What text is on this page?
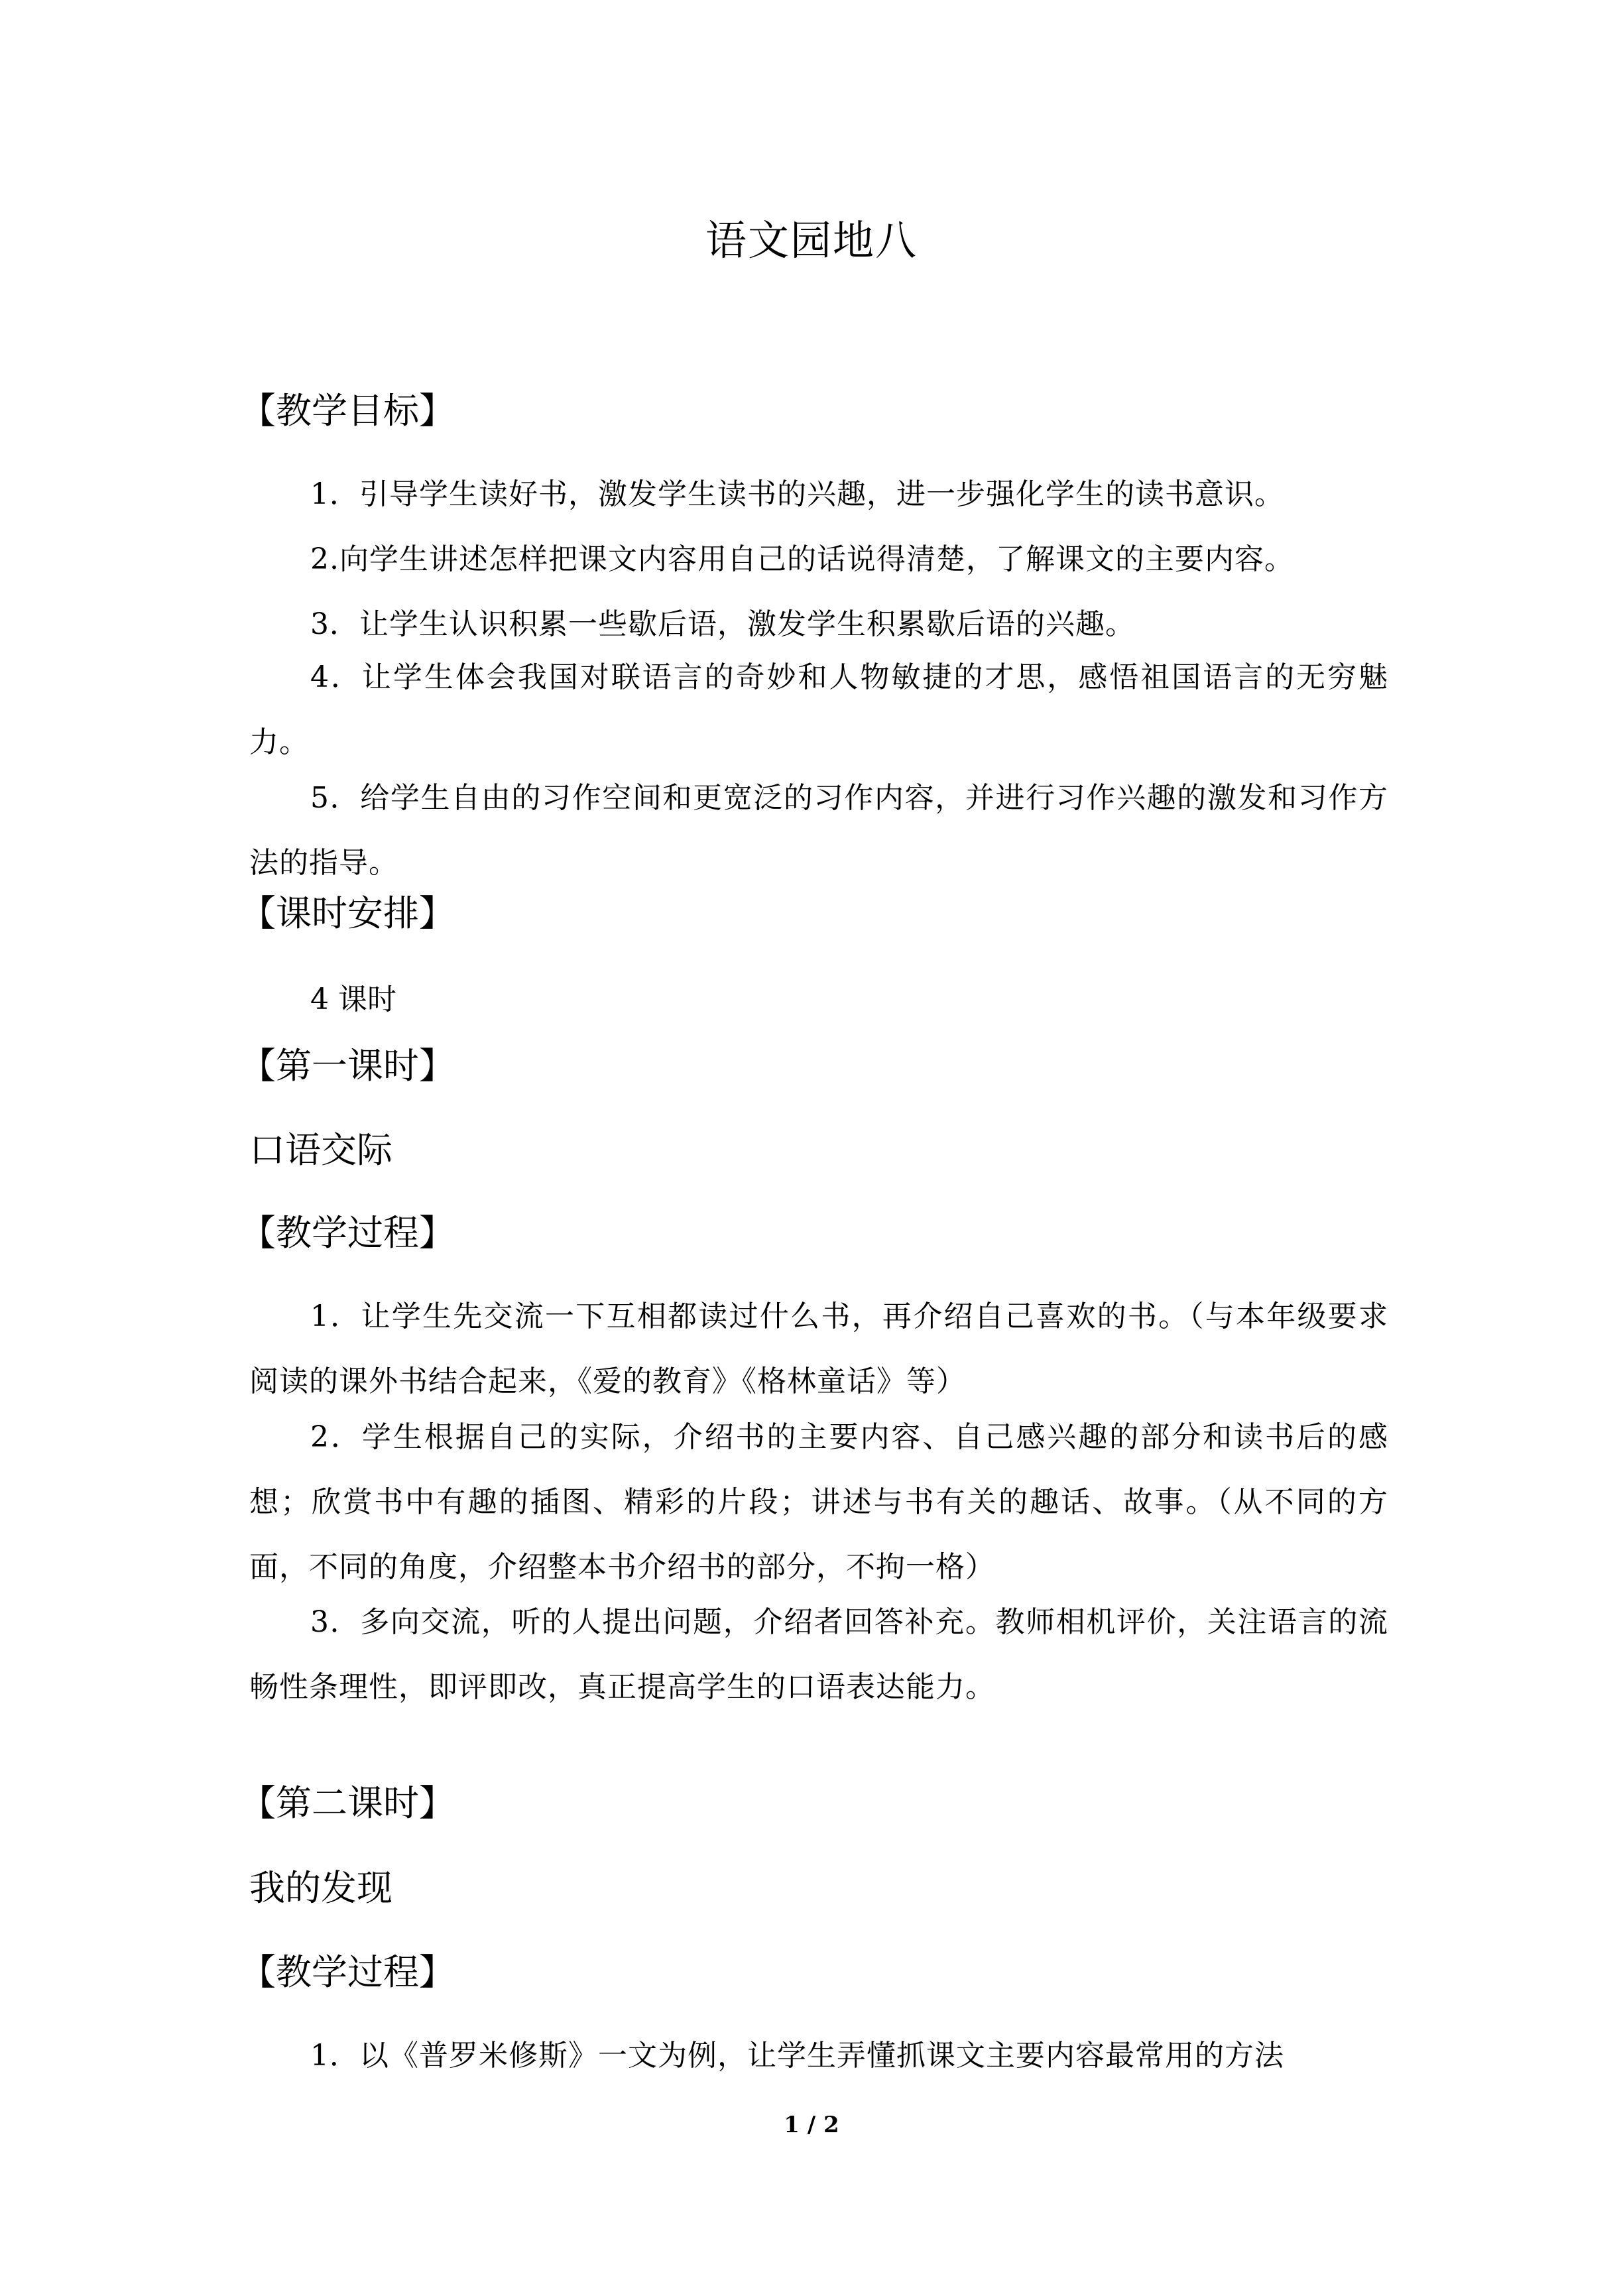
语文园地八
【教学目标】

1．引导学生读好书，激发学生读书的兴趣，进一步强化学生的读书意识。

2.向学生讲述怎样把课文内容用自己的话说得清楚，了解课文的主要内容。

3．让学生认识积累一些歇后语，激发学生积累歇后语的兴趣。

4．让学生体会我国对联语言的奇妙和人物敏捷的才思，感悟祖国语言的无穷魅力。

5．给学生自由的习作空间和更宽泛的习作内容，并进行习作兴趣的激发和习作方法的指导。

【课时安排】
4 课时
【第一课时】
口语交际
【教学过程】

1．让学生先交流一下互相都读过什么书，再介绍自己喜欢的书。（与本年级要求阅读的课外书结合起来，《爱的教育》《格林童话》等）

2．学生根据自己的实际，介绍书的主要内容、自己感兴趣的部分和读书后的感想；欣赏书中有趣的插图、精彩的片段；讲述与书有关的趣话、故事。（从不同的方面，不同的角度，介绍整本书介绍书的部分，不拘一格）

3．多向交流，听的人提出问题，介绍者回答补充。教师相机评价，关注语言的流畅性条理性，即评即改，真正提高学生的口语表达能力。

【第二课时】
我的发现
【教学过程】

1．以《普罗米修斯》一文为例，让学生弄懂抓课文主要内容最常用的方法

1 / 2
